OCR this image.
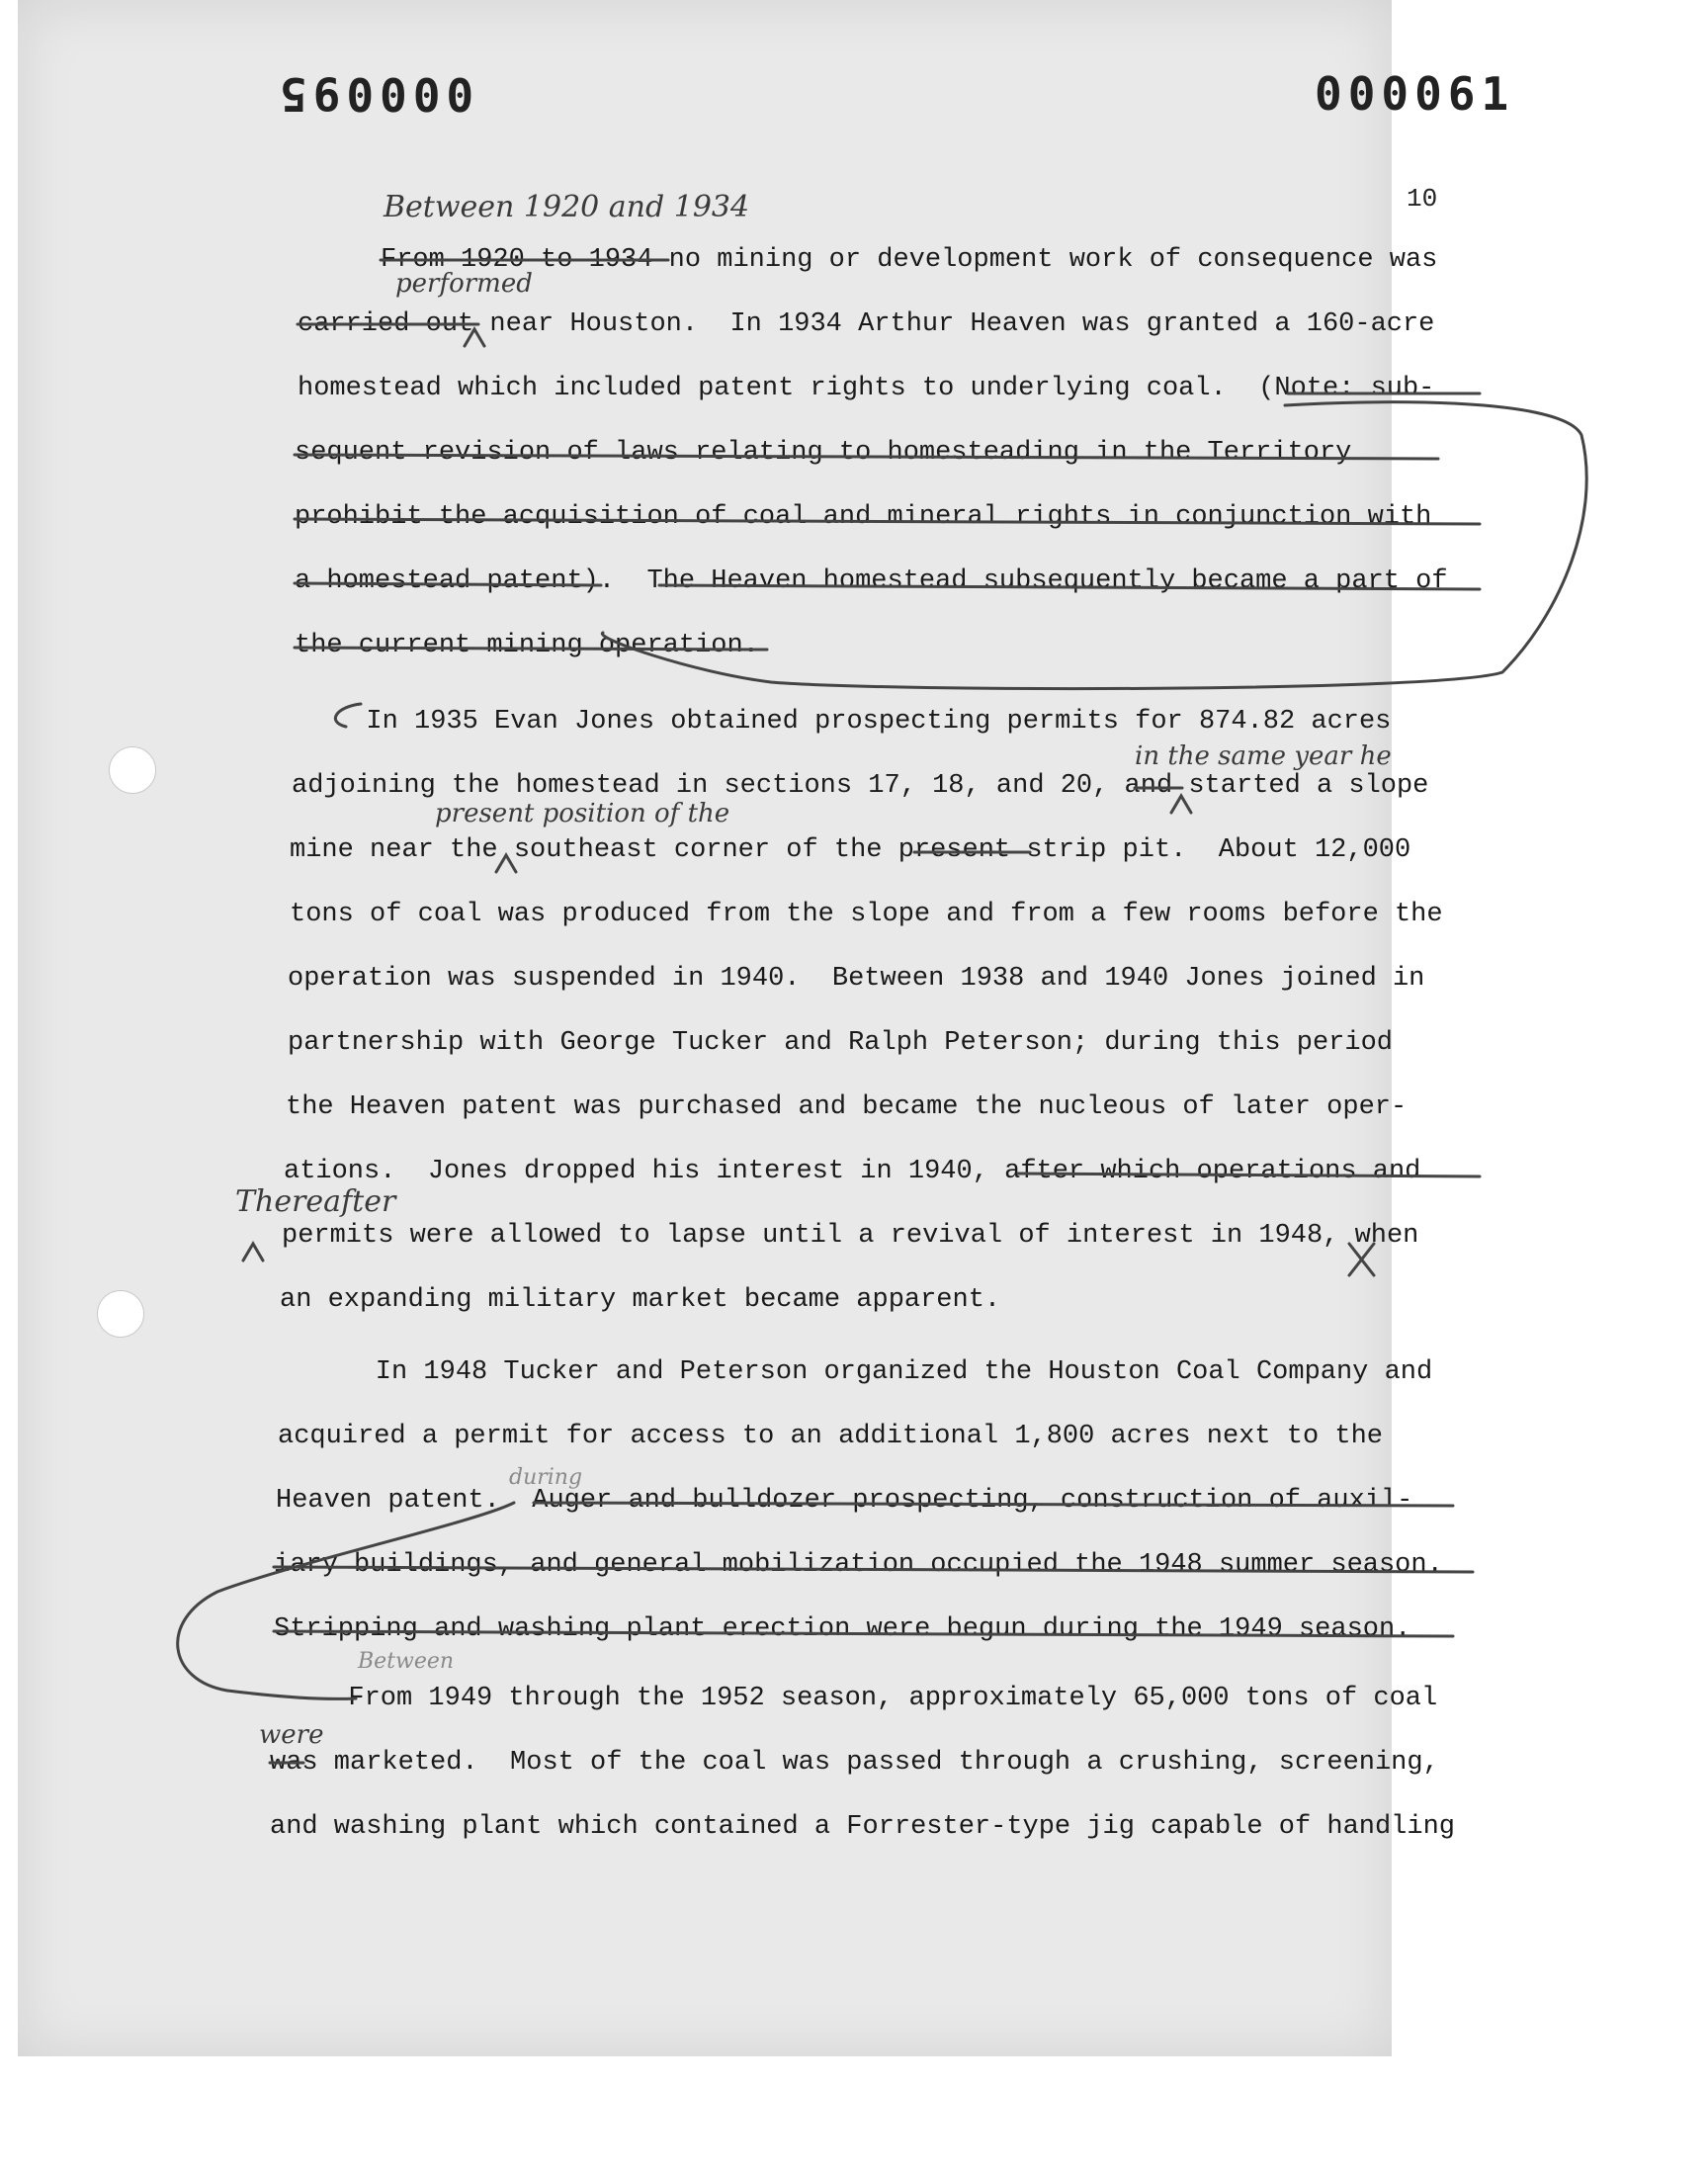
000095	000061
10
From 1920 to 1934 no mining or development work of consequence was
carried out near Houston.  In 1934 Arthur Heaven was granted a 160-acre
homestead which included patent rights to underlying coal.  (Note: sub-
sequent revision of laws relating to homesteading in the Territory
prohibit the acquisition of coal and mineral rights in conjunction with
a homestead patent).  The Heaven homestead subsequently became a part of
the current mining operation.
In 1935 Evan Jones obtained prospecting permits for 874.82 acres
adjoining the homestead in sections 17, 18, and 20, and started a slope
mine near the southeast corner of the present strip pit.  About 12,000
tons of coal was produced from the slope and from a few rooms before the
operation was suspended in 1940.  Between 1938 and 1940 Jones joined in
partnership with George Tucker and Ralph Peterson; during this period
the Heaven patent was purchased and became the nucleous of later oper-
ations.  Jones dropped his interest in 1940, after which operations and
permits were allowed to lapse until a revival of interest in 1948, when
an expanding military market became apparent.
In 1948 Tucker and Peterson organized the Houston Coal Company and
acquired a permit for access to an additional 1,800 acres next to the
Heaven patent.  Auger and bulldozer prospecting, construction of auxil-
iary buildings, and general mobilization occupied the 1948 summer season.
Stripping and washing plant erection were begun during the 1949 season.
From 1949 through the 1952 season, approximately 65,000 tons of coal
was marketed.  Most of the coal was passed through a crushing, screening,
and washing plant which contained a Forrester-type jig capable of handling
Between 1920 and 1934
performed
in the same year he
present position of the
Thereafter
during
Between
were
